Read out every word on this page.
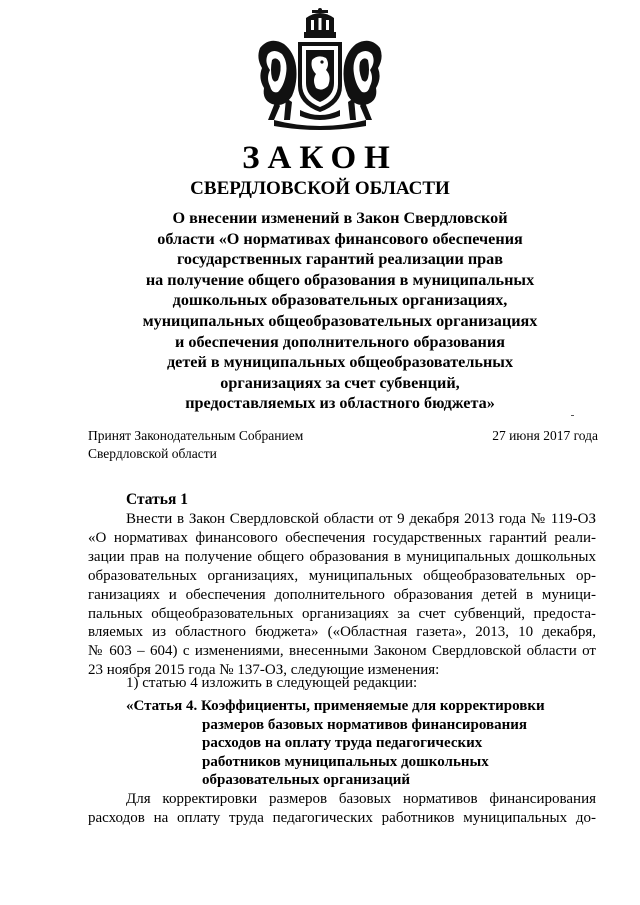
ЗАКОН
СВЕРДЛОВСКОЙ ОБЛАСТИ
О внесении изменений в Закон Свердловской
области «О нормативах финансового обеспечения
государственных гарантий реализации прав
на получение общего образования в муниципальных
дошкольных образовательных организациях,
муниципальных общеобразовательных организациях
и обеспечения дополнительного образования
детей в муниципальных общеобразовательных
организациях за счет субвенций,
предоставляемых из областного бюджета»
Принят Законодательным Собранием
Свердловской области
27 июня 2017 года
Статья 1
Внести в Закон Свердловской области от 9 декабря 2013 года № 119-ОЗ
«О нормативах финансового обеспечения государственных гарантий реали-
зации прав на получение общего образования в муниципальных дошкольных
образовательных организациях, муниципальных общеобразовательных ор-
ганизациях и обеспечения дополнительного образования детей в муници-
пальных общеобразовательных организациях за счет субвенций, предоста-
вляемых из областного бюджета» («Областная газета», 2013, 10 декабря,
№ 603 – 604) с изменениями, внесенными Законом Свердловской области от
23 ноября 2015 года № 137-ОЗ, следующие изменения:
1) статью 4 изложить в следующей редакции:
«Статья 4. Коэффициенты, применяемые для корректировки
размеров базовых нормативов финансирования
расходов на оплату труда педагогических
работников муниципальных дошкольных
образовательных организаций
Для корректировки размеров базовых нормативов финансирования
расходов на оплату труда педагогических работников муниципальных до-
